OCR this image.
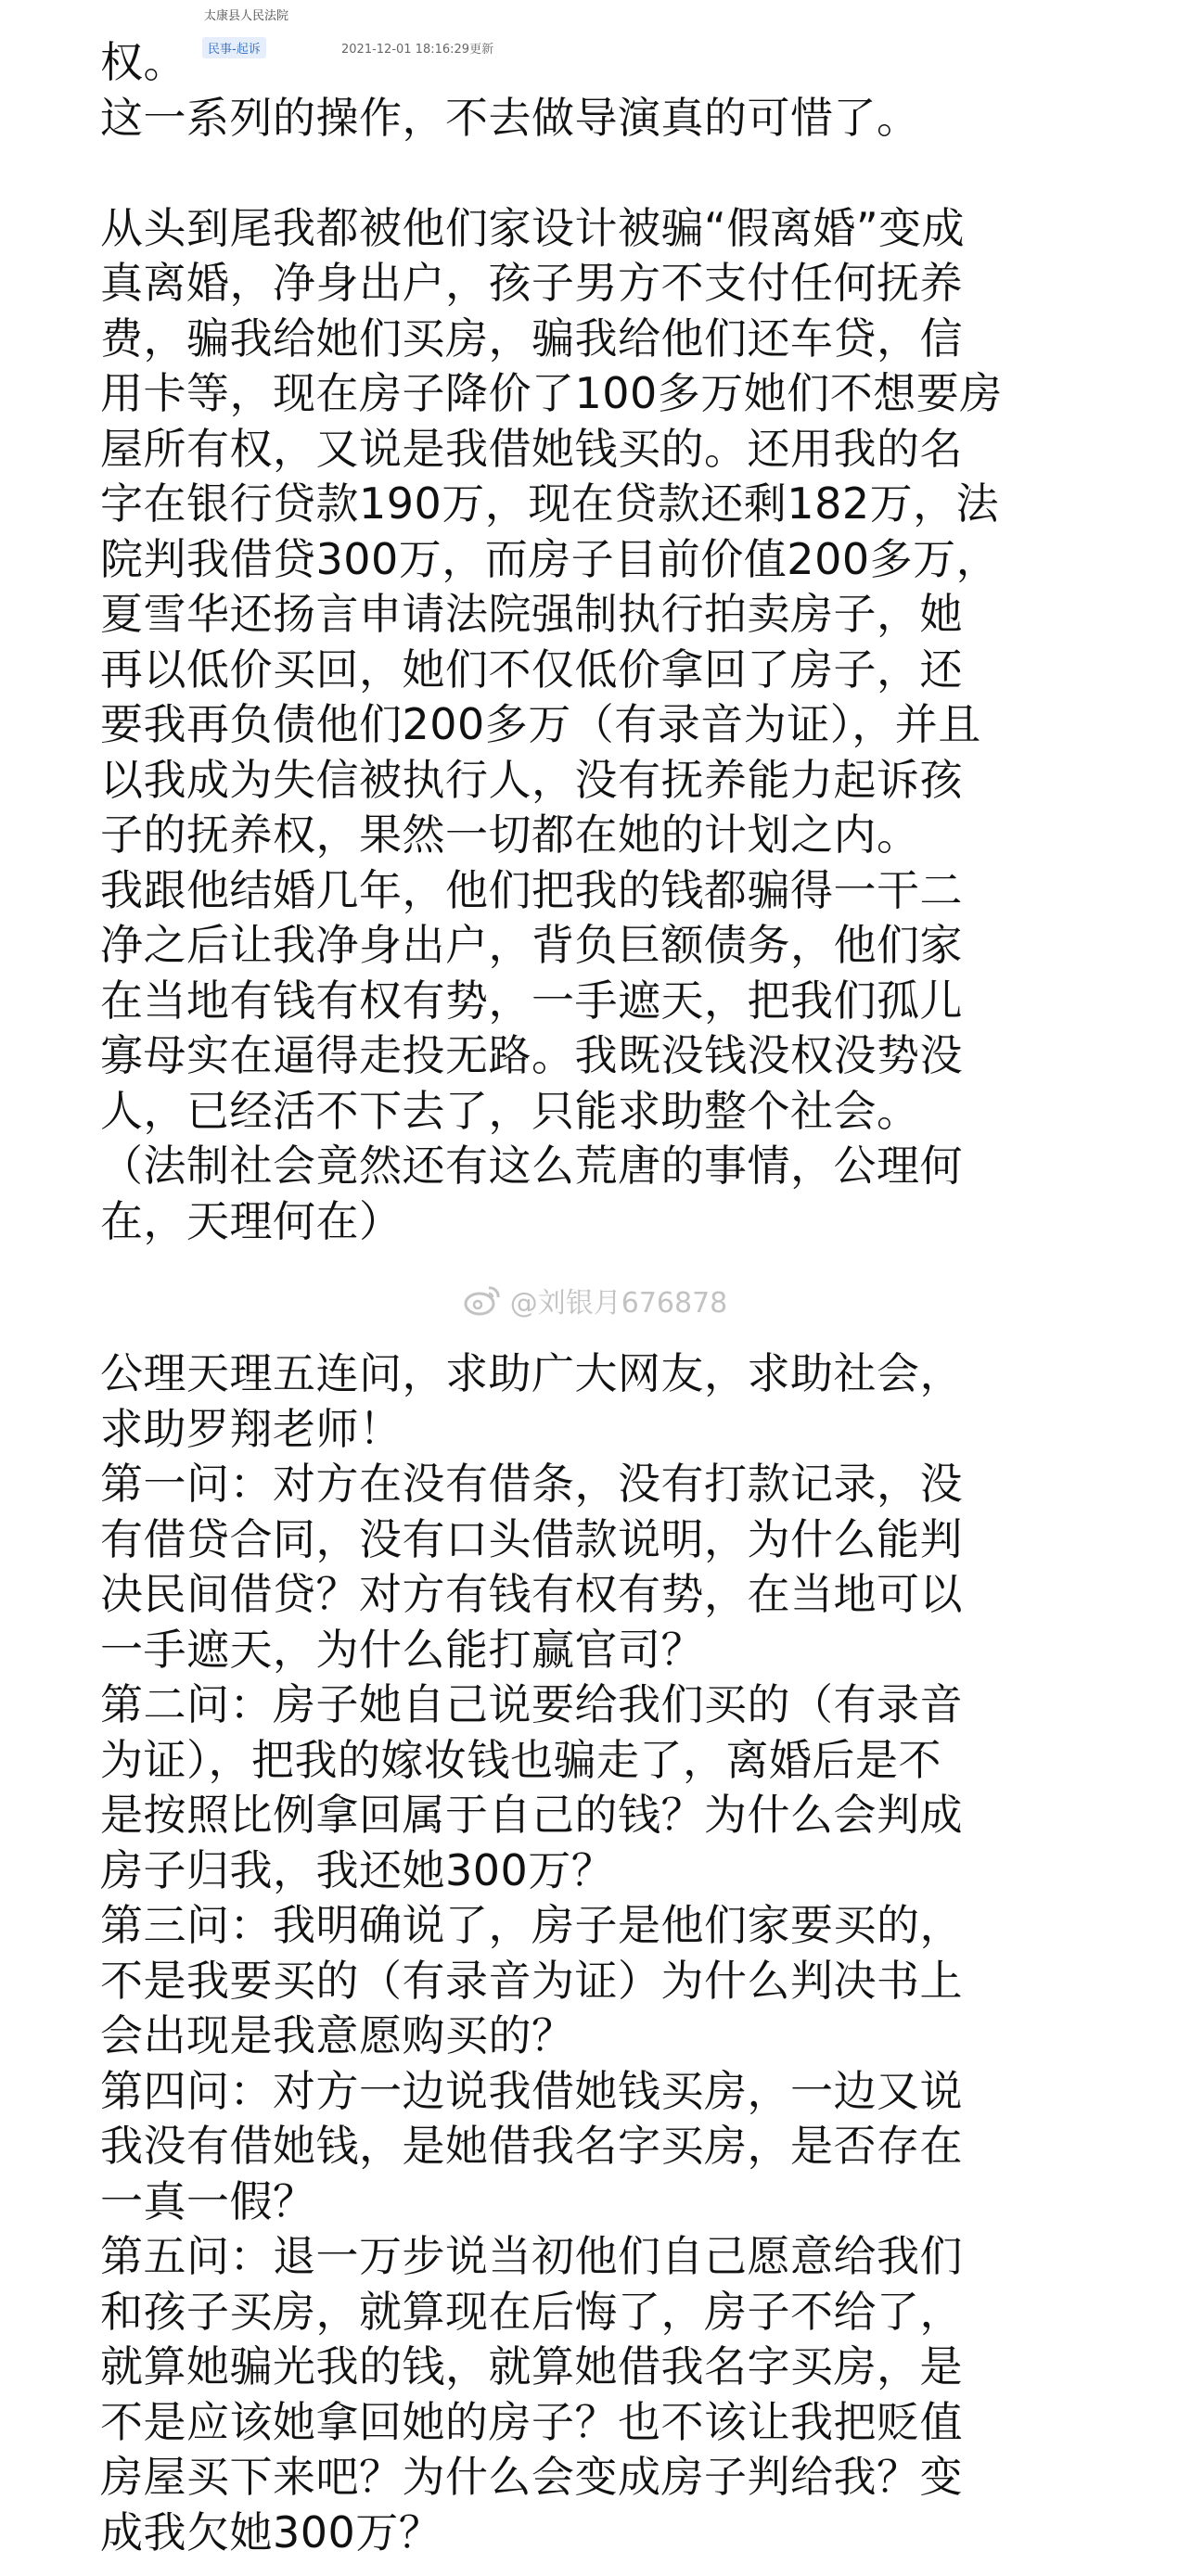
太康县人民法院
民事-起诉	2021-12-01 18:16:29更新
权。
这一系列的操作，不去做导演真的可惜了。
从头到尾我都被他们家设计被骗“假离婚”变成
真离婚，净身出户，孩子男方不支付任何抚养
费，骗我给她们买房，骗我给他们还车贷，信
用卡等，现在房子降价了100多万她们不想要房
屋所有权，又说是我借她钱买的。还用我的名
字在银行贷款190万，现在贷款还剩182万，法
院判我借贷300万，而房子目前价值200多万，
夏雪华还扬言申请法院强制执行拍卖房子，她
再以低价买回，她们不仅低价拿回了房子，还
要我再负债他们200多万（有录音为证），并且
以我成为失信被执行人，没有抚养能力起诉孩
子的抚养权，果然一切都在她的计划之内。
我跟他结婚几年，他们把我的钱都骗得一干二
净之后让我净身出户，背负巨额债务，他们家
在当地有钱有权有势，一手遮天，把我们孤儿
寡母实在逼得走投无路。我既没钱没权没势没
人，已经活不下去了，只能求助整个社会。
（法制社会竟然还有这么荒唐的事情，公理何
在，天理何在）
@刘银月676878
公理天理五连问，求助广大网友，求助社会，
求助罗翔老师！
第一问：对方在没有借条，没有打款记录，没
有借贷合同，没有口头借款说明，为什么能判
决民间借贷？对方有钱有权有势，在当地可以
一手遮天，为什么能打赢官司？
第二问：房子她自己说要给我们买的（有录音
为证），把我的嫁妆钱也骗走了，离婚后是不
是按照比例拿回属于自己的钱？为什么会判成
房子归我，我还她300万？
第三问：我明确说了，房子是他们家要买的，
不是我要买的（有录音为证）为什么判决书上
会出现是我意愿购买的？
第四问：对方一边说我借她钱买房，一边又说
我没有借她钱，是她借我名字买房，是否存在
一真一假？
第五问：退一万步说当初他们自己愿意给我们
和孩子买房，就算现在后悔了，房子不给了，
就算她骗光我的钱，就算她借我名字买房，是
不是应该她拿回她的房子？也不该让我把贬值
房屋买下来吧？为什么会变成房子判给我？变
成我欠她300万？
